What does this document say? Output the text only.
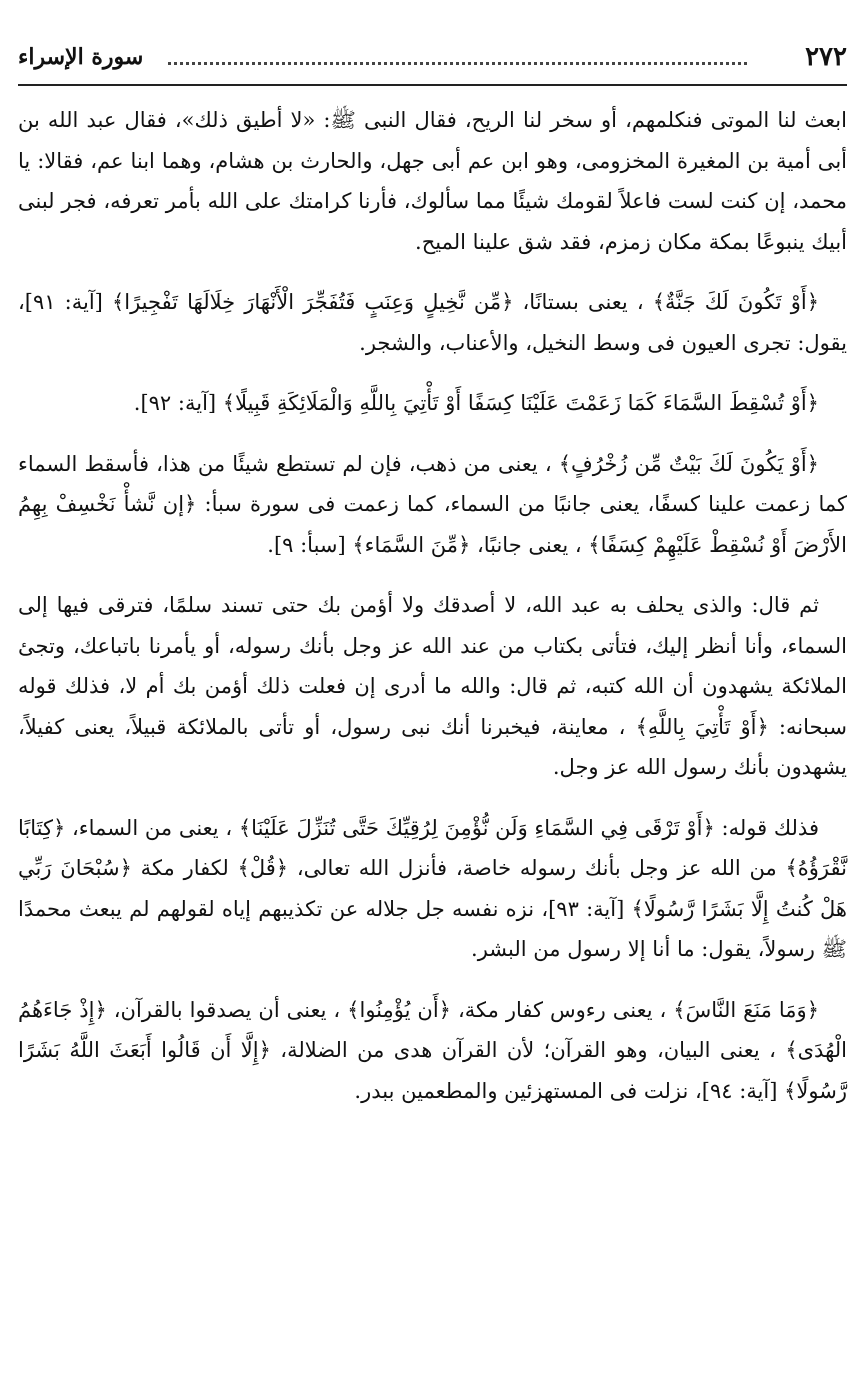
٢٧٢
سورة الإسراء

ابعث لنا الموتى فنكلمهم، أو سخر لنا الريح، فقال النبى ﷺ: «لا أطيق ذلك»، فقال عبد الله بن أبى أمية بن المغيرة المخزومى، وهو ابن عم أبى جهل، والحارث بن هشام، وهما ابنا عم، فقالا: يا محمد، إن كنت لست فاعلاً لقومك شيئًا مما سألوك، فأرنا كرامتك على الله بأمر تعرفه، فجر لبنى أبيك ينبوعًا بمكة مكان زمزم، فقد شق علينا الميح.

﴿أَوْ تَكُونَ لَكَ جَنَّةٌ﴾ ، يعنى بستانًا، ﴿مِّن نَّخِيلٍ وَعِنَبٍ فَتُفَجِّرَ الْأَنْهَارَ خِلَالَهَا تَفْجِيرًا﴾ [آية: ٩١]، يقول: تجرى العيون فى وسط النخيل، والأعناب، والشجر.

﴿أَوْ تُسْقِطَ السَّمَاءَ كَمَا زَعَمْتَ عَلَيْنَا كِسَفًا أَوْ تَأْتِيَ بِاللَّهِ وَالْمَلَائِكَةِ قَبِيلًا﴾ [آية: ٩٢].

﴿أَوْ يَكُونَ لَكَ بَيْتٌ مِّن زُخْرُفٍ﴾ ، يعنى من ذهب، فإن لم تستطع شيئًا من هذا، فأسقط السماء كما زعمت علينا كسفًا، يعنى جانبًا من السماء، كما زعمت فى سورة سبأ: ﴿إن نَّشأْ نَخْسِفْ بِهِمُ الأَرْضَ أَوْ نُسْقِطْ عَلَيْهِمْ كِسَفًا﴾ ، يعنى جانبًا، ﴿مِّنَ السَّمَاء﴾ [سبأ: ٩].

ثم قال: والذى يحلف به عبد الله، لا أصدقك ولا أؤمن بك حتى تسند سلمًا، فترقى فيها إلى السماء، وأنا أنظر إليك، فتأتى بكتاب من عند الله عز وجل بأنك رسوله، أو يأمرنا باتباعك، وتجئ الملائكة يشهدون أن الله كتبه، ثم قال: والله ما أدرى إن فعلت ذلك أؤمن بك أم لا، فذلك قوله سبحانه: ﴿أَوْ تَأْتِيَ بِاللَّهِ﴾ ، معاينة، فيخبرنا أنك نبى رسول، أو تأتى بالملائكة قبيلاً، يعنى كفيلاً، يشهدون بأنك رسول الله عز وجل.

فذلك قوله: ﴿أَوْ تَرْقَى فِي السَّمَاءِ وَلَن نُّؤْمِنَ لِرُقِيِّكَ حَتَّى تُنَزِّلَ عَلَيْنَا﴾ ، يعنى من السماء، ﴿كِتَابًا نَّقْرَؤُهُ﴾ من الله عز وجل بأنك رسوله خاصة، فأنزل الله تعالى، ﴿قُلْ﴾ لكفار مكة ﴿سُبْحَانَ رَبِّي هَلْ كُنتُ إِلَّا بَشَرًا رَّسُولًا﴾ [آية: ٩٣]، نزه نفسه جل جلاله عن تكذيبهم إياه لقولهم لم يبعث محمدًا ﷺ رسولاً، يقول: ما أنا إلا رسول من البشر.

﴿وَمَا مَنَعَ النَّاسَ﴾ ، يعنى رءوس كفار مكة، ﴿أَن يُؤْمِنُوا﴾ ، يعنى أن يصدقوا بالقرآن، ﴿إِذْ جَاءَهُمُ الْهُدَى﴾ ، يعنى البيان، وهو القرآن؛ لأن القرآن هدى من الضلالة، ﴿إِلَّا أَن قَالُوا أَبَعَثَ اللَّهُ بَشَرًا رَّسُولًا﴾ [آية: ٩٤]، نزلت فى المستهزئين والمطعمين ببدر.
